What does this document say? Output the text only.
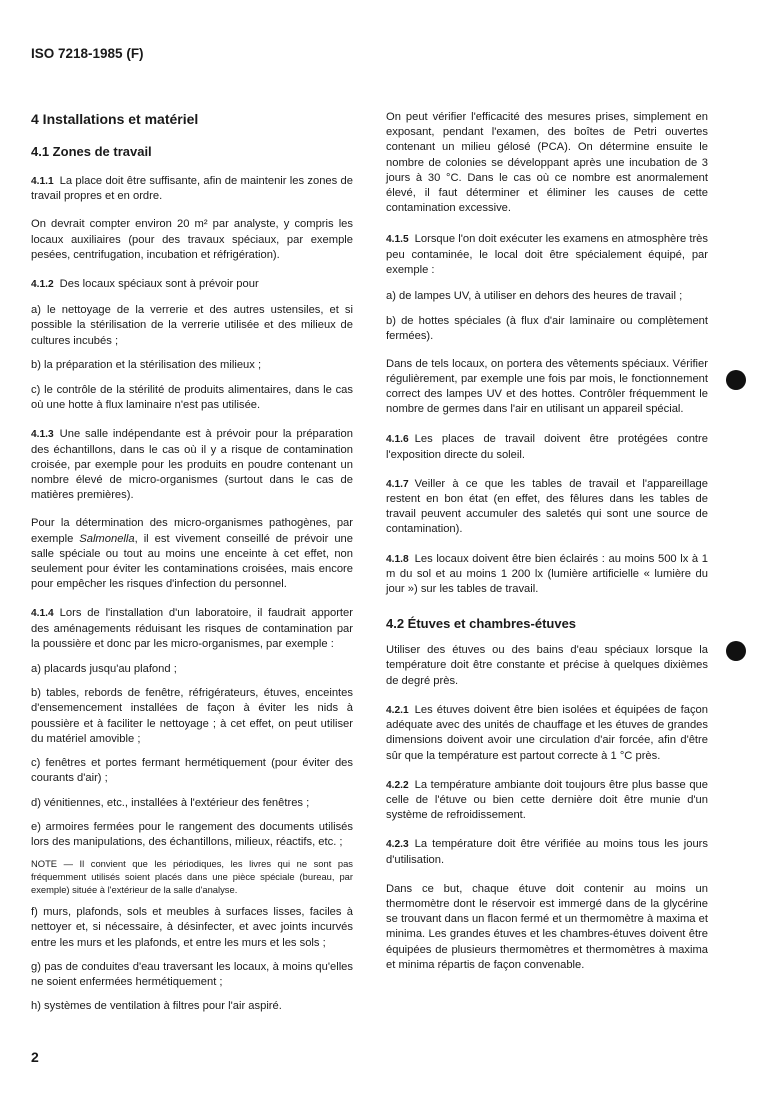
ISO 7218-1985 (F)
4 Installations et matériel
4.1 Zones de travail

4.1.1 La place doit être suffisante, afin de maintenir les zones de travail propres et en ordre.

On devrait compter environ 20 m² par analyste, y compris les locaux auxiliaires (pour des travaux spéciaux, par exemple pesées, centrifugation, incubation et réfrigération).

4.1.2 Des locaux spéciaux sont à prévoir pour

a) le nettoyage de la verrerie et des autres ustensiles, et si possible la stérilisation de la verrerie utilisée et des milieux de cultures incubés ;

b) la préparation et la stérilisation des milieux ;

c) le contrôle de la stérilité de produits alimentaires, dans le cas où une hotte à flux laminaire n'est pas utilisée.

4.1.3 Une salle indépendante est à prévoir pour la préparation des échantillons, dans le cas où il y a risque de contamination croisée, par exemple pour les produits en poudre contenant un nombre élevé de micro-organismes (surtout dans le cas de matières premières).

Pour la détermination des micro-organismes pathogènes, par exemple Salmonella, il est vivement conseillé de prévoir une salle spéciale ou tout au moins une enceinte à cet effet, non seulement pour éviter les contaminations croisées, mais encore pour empêcher les risques d'infection du personnel.

4.1.4 Lors de l'installation d'un laboratoire, il faudrait apporter des aménagements réduisant les risques de contamination par la poussière et donc par les micro-organismes, par exemple :

a) placards jusqu'au plafond ;

b) tables, rebords de fenêtre, réfrigérateurs, étuves, enceintes d'ensemencement installées de façon à éviter les nids à poussière et à faciliter le nettoyage ; à cet effet, on peut utiliser du matériel amovible ;

c) fenêtres et portes fermant hermétiquement (pour éviter des courants d'air) ;

d) vénitiennes, etc., installées à l'extérieur des fenêtres ;

e) armoires fermées pour le rangement des documents utilisés lors des manipulations, des échantillons, milieux, réactifs, etc. ;

NOTE — Il convient que les périodiques, les livres qui ne sont pas fréquemment utilisés soient placés dans une pièce spéciale (bureau, par exemple) située à l'extérieur de la salle d'analyse.

f) murs, plafonds, sols et meubles à surfaces lisses, faciles à nettoyer et, si nécessaire, à désinfecter, et avec joints incurvés entre les murs et les plafonds, et entre les murs et les sols ;

g) pas de conduites d'eau traversant les locaux, à moins qu'elles ne soient enfermées hermétiquement ;

h) systèmes de ventilation à filtres pour l'air aspiré.

On peut vérifier l'efficacité des mesures prises, simplement en exposant, pendant l'examen, des boîtes de Petri ouvertes contenant un milieu gélosé (PCA). On détermine ensuite le nombre de colonies se développant après une incubation de 3 jours à 30 °C. Dans le cas où ce nombre est anormalement élevé, il faut déterminer et éliminer les causes de cette contamination excessive.

4.1.5 Lorsque l'on doit exécuter les examens en atmosphère très peu contaminée, le local doit être spécialement équipé, par exemple :

a) de lampes UV, à utiliser en dehors des heures de travail ;

b) de hottes spéciales (à flux d'air laminaire ou complètement fermées).

Dans de tels locaux, on portera des vêtements spéciaux. Vérifier régulièrement, par exemple une fois par mois, le fonctionnement correct des lampes UV et des hottes. Contrôler fréquemment le nombre de germes dans l'air en utilisant un appareil spécial.

4.1.6 Les places de travail doivent être protégées contre l'exposition directe du soleil.

4.1.7 Veiller à ce que les tables de travail et l'appareillage restent en bon état (en effet, des fêlures dans les tables de travail peuvent accumuler des saletés qui sont une source de contamination).

4.1.8 Les locaux doivent être bien éclairés : au moins 500 lx à 1 m du sol et au moins 1 200 lx (lumière artificielle « lumière du jour ») sur les tables de travail.

4.2 Étuves et chambres-étuves

Utiliser des étuves ou des bains d'eau spéciaux lorsque la température doit être constante et précise à quelques dixièmes de degré près.

4.2.1 Les étuves doivent être bien isolées et équipées de façon adéquate avec des unités de chauffage et les étuves de grandes dimensions doivent avoir une circulation d'air forcée, afin d'être sûr que la température est partout correcte à 1 °C près.

4.2.2 La température ambiante doit toujours être plus basse que celle de l'étuve ou bien cette dernière doit être munie d'un système de refroidissement.

4.2.3 La température doit être vérifiée au moins tous les jours d'utilisation.

Dans ce but, chaque étuve doit contenir au moins un thermomètre dont le réservoir est immergé dans de la glycérine se trouvant dans un flacon fermé et un thermomètre à maxima et minima. Les grandes étuves et les chambres-étuves doivent être équipées de plusieurs thermomètres et thermomètres à maxima et minima répartis de façon convenable.

2
